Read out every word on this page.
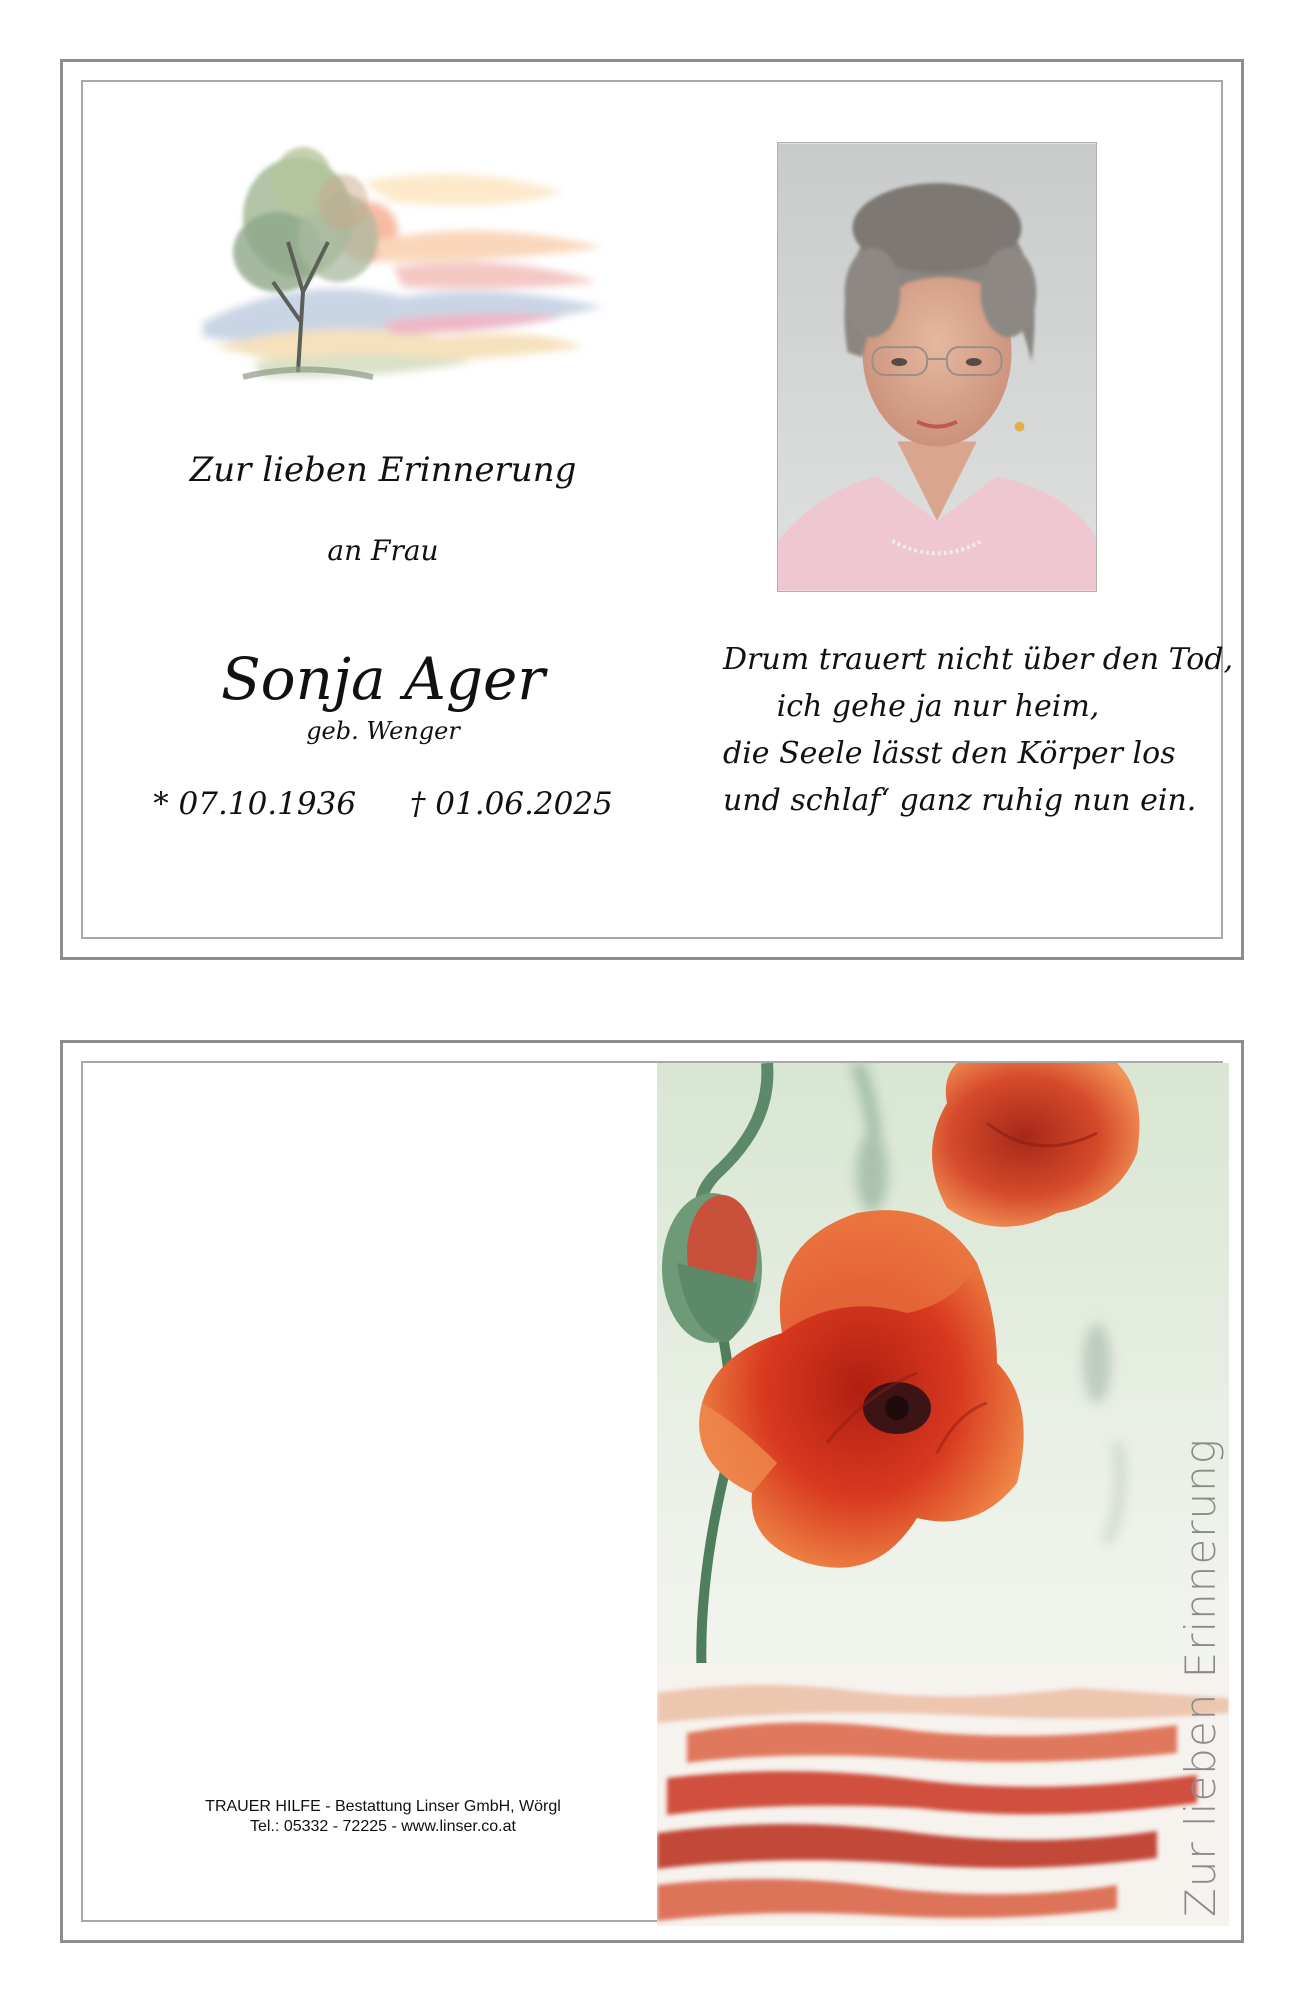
Zur lieben Erinnerung
an Frau
Sonja Ager
geb. Wenger
* 07.10.1936 † 01.06.2025
Drum trauert nicht über den Tod,
ich gehe ja nur heim,
die Seele lässt den Körper los
und schlaf‘ ganz ruhig nun ein.
Zur lieben Erinnerung
TRAUER HILFE - Bestattung Linser GmbH, Wörgl
Tel.: 05332 - 72225 - www.linser.co.at
